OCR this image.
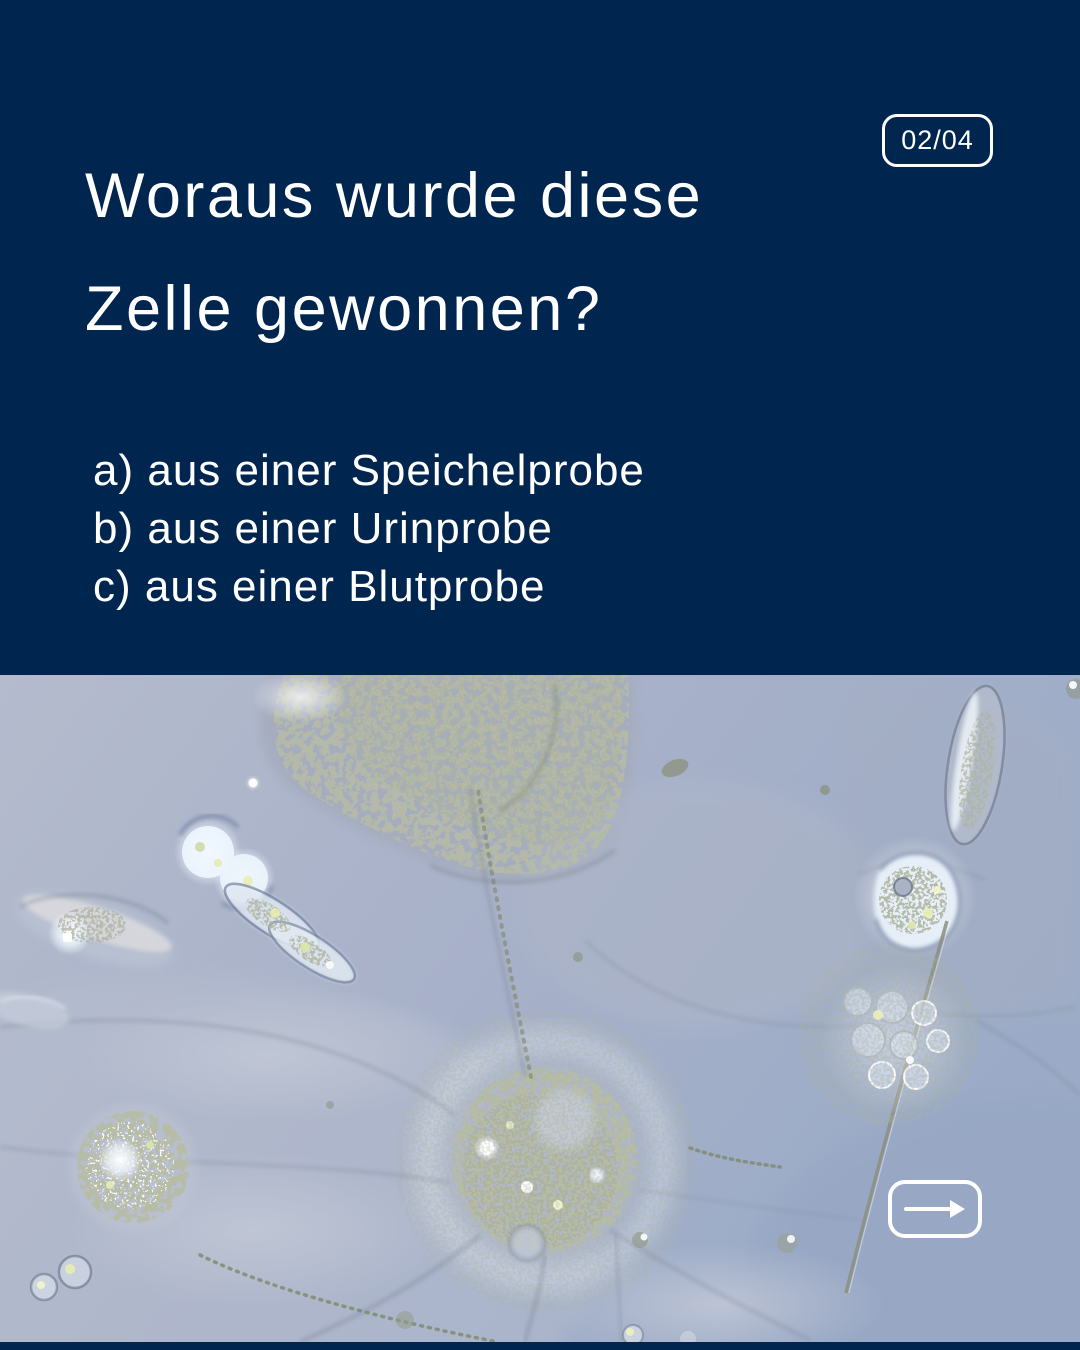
02/04
Woraus wurde diese
Zelle gewonnen?
a) aus einer Speichelprobe
b) aus einer Urinprobe
c) aus einer Blutprobe
